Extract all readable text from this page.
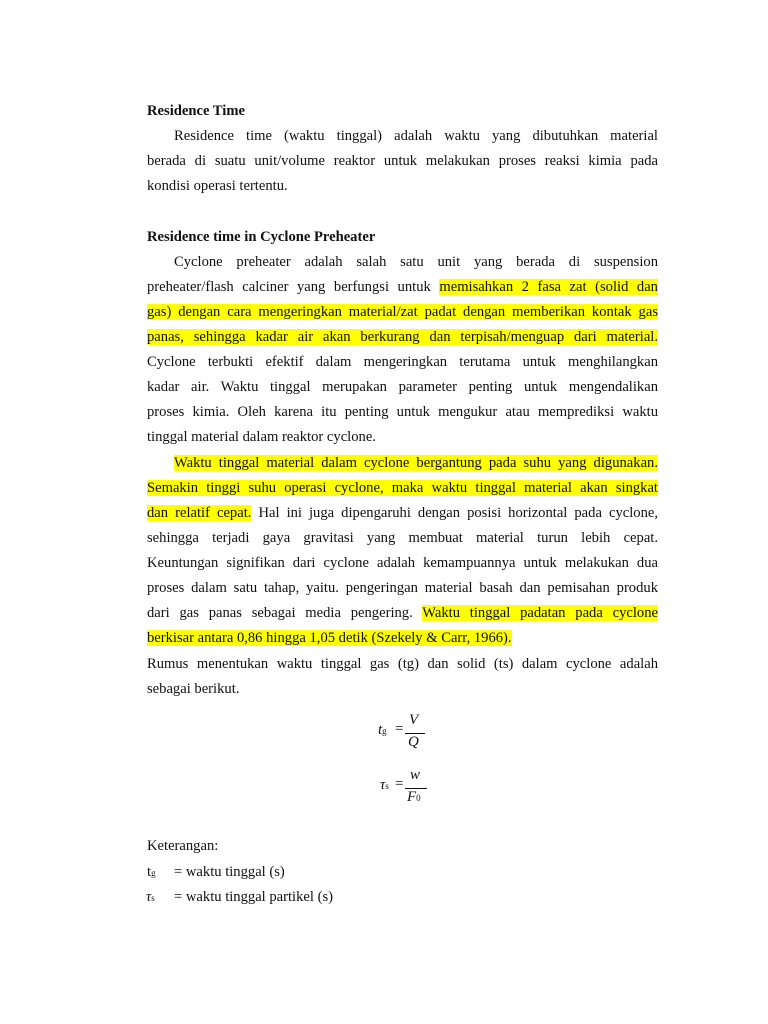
Residence Time
Residence time (waktu tinggal) adalah waktu yang dibutuhkan material
berada di suatu unit/volume reaktor untuk melakukan proses reaksi kimia pada
kondisi operasi tertentu.
Residence time in Cyclone Preheater
Cyclone preheater adalah salah satu unit yang berada di suspension
preheater/flash calciner yang berfungsi untuk memisahkan 2 fasa zat (solid dan
gas) dengan cara mengeringkan material/zat padat dengan memberikan kontak gas
panas, sehingga kadar air akan berkurang dan terpisah/menguap dari material.
Cyclone terbukti efektif dalam mengeringkan terutama untuk menghilangkan
kadar air. Waktu tinggal merupakan parameter penting untuk mengendalikan
proses kimia. Oleh karena itu penting untuk mengukur atau memprediksi waktu
tinggal material dalam reaktor cyclone.
Waktu tinggal material dalam cyclone bergantung pada suhu yang digunakan.
Semakin tinggi suhu operasi cyclone, maka waktu tinggal material akan singkat
dan relatif cepat. Hal ini juga dipengaruhi dengan posisi horizontal pada cyclone,
sehingga terjadi gaya gravitasi yang membuat material turun lebih cepat.
Keuntungan signifikan dari cyclone adalah kemampuannya untuk melakukan dua
proses dalam satu tahap, yaitu. pengeringan material basah dan pemisahan produk
dari gas panas sebagai media pengering. Waktu tinggal padatan pada cyclone
berkisar antara 0,86 hingga 1,05 detik (Szekely & Carr, 1966).
Rumus menentukan waktu tinggal gas (tg) dan solid (ts) dalam cyclone adalah
sebagai berikut.
tg =
V
Q
τs =
w
F0
Keterangan:
tg = waktu tinggal (s)
τs = waktu tinggal partikel (s)
